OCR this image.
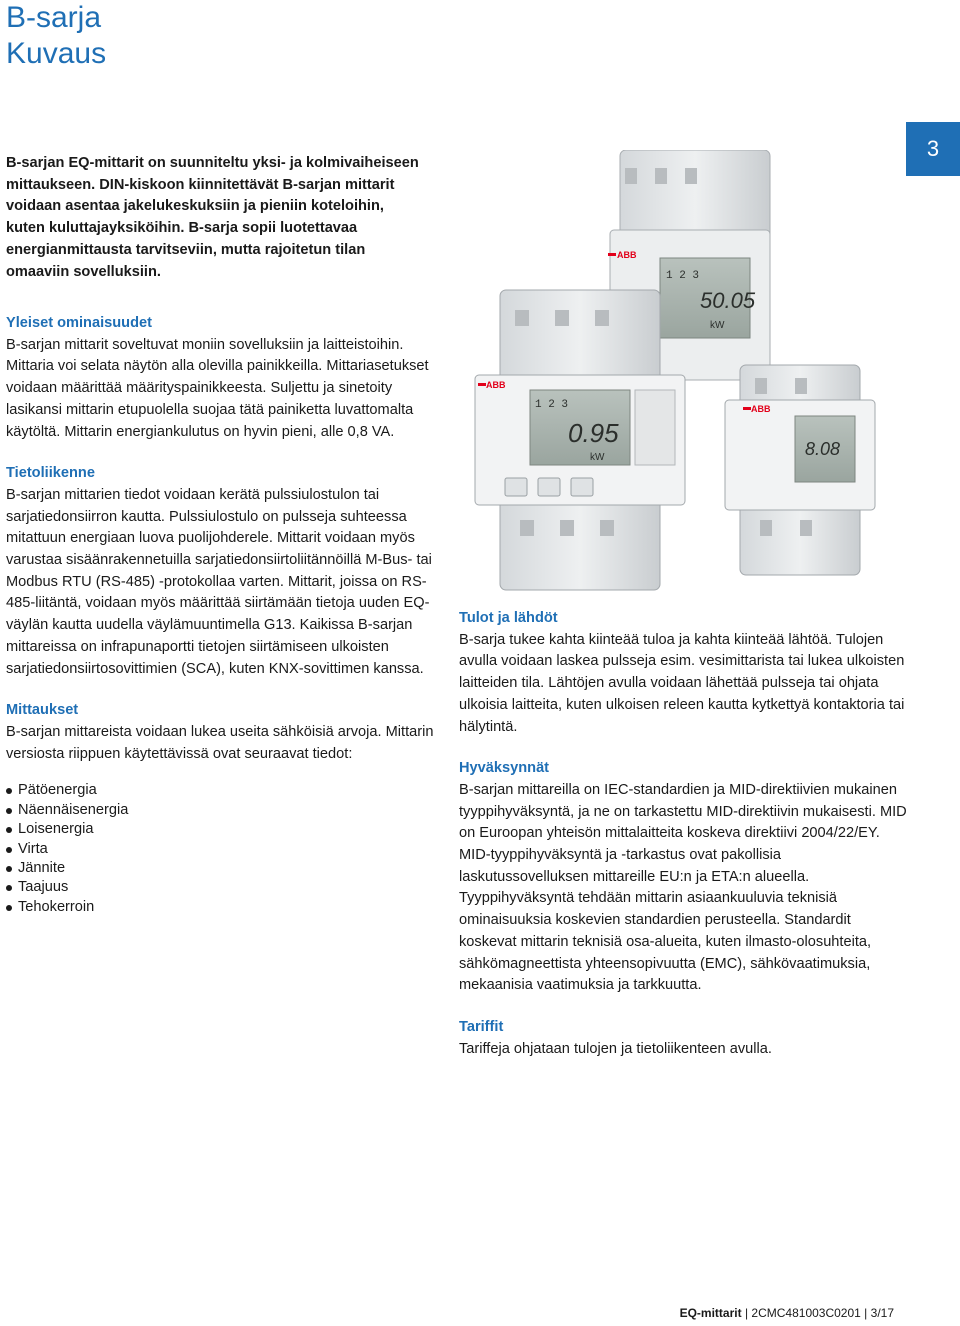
B-sarja
Kuvaus
3

B-sarjan EQ-mittarit on suunniteltu yksi- ja kolmivaiheiseen mittaukseen. DIN-kiskoon kiinnitettävät B-sarjan mittarit voidaan asentaa jakelukeskuksiin ja pieniin koteloihin, kuten kuluttajayksiköihin. B-sarja sopii luotettavaa energianmittausta tarvitseviin, mutta rajoitetun tilan omaaviin sovelluksiin.

Yleiset ominaisuudet

B-sarjan mittarit soveltuvat moniin sovelluksiin ja laitteistoihin. Mittaria voi selata näytön alla olevilla painikkeilla. Mittariasetukset voidaan määrittää määrityspainikkeesta. Suljettu ja sinetoity lasikansi mittarin etupuolella suojaa tätä painiketta luvattomalta käytöltä. Mittarin energiankulutus on hyvin pieni, alle 0,8 VA.

Tietoliikenne

B-sarjan mittarien tiedot voidaan kerätä pulssiulostulon tai sarjatiedonsiirron kautta. Pulssiulostulo on pulsseja suhteessa mitattuun energiaan luova puolijohderele. Mittarit voidaan myös varustaa sisäänrakennetuilla sarjatiedonsiirtoliitännöillä M-Bus- tai Modbus RTU (RS-485) -protokollaa varten. Mittarit, joissa on RS-485-liitäntä, voidaan myös määrittää siirtämään tietoja uuden EQ-väylän kautta uudella väylämuuntimella G13. Kaikissa B-sarjan mittareissa on infrapunaportti tietojen siirtämiseen ulkoisten sarjatiedonsiirtosovittimien (SCA), kuten KNX-sovittimen kanssa.

Mittaukset

B-sarjan mittareista voidaan lukea useita sähköisiä arvoja. Mittarin versiosta riippuen käytettävissä ovat seuraavat tiedot:

Pätöenergia
Näennäisenergia
Loisenergia
Virta
Jännite
Taajuus
Tehokerroin
Tulot ja lähdöt

B-sarja tukee kahta kiinteää tuloa ja kahta kiinteää lähtöä. Tulojen avulla voidaan laskea pulsseja esim. vesimittarista tai lukea ulkoisten laitteiden tila. Lähtöjen avulla voidaan lähettää pulsseja tai ohjata ulkoisia laitteita, kuten ulkoisen releen kautta kytkettyä kontaktoria tai hälytintä.

Hyväksynnät

B-sarjan mittareilla on IEC-standardien ja MID-direktiivien mukainen tyyppihyväksyntä, ja ne on tarkastettu MID-direktiivin mukaisesti. MID on Euroopan yhteisön mittalaitteita koskeva direktiivi 2004/22/EY. MID-tyyppihyväksyntä ja -tarkastus ovat pakollisia laskutussovelluksen mittareille EU:n ja ETA:n alueella. Tyyppihyväksyntä tehdään mittarin asiaankuuluvia teknisiä ominaisuuksia koskevien standardien perusteella. Standardit koskevat mittarin teknisiä osa-alueita, kuten ilmasto-olosuhteita, sähkömagneettista yhteensopivuutta (EMC), sähkövaatimuksia, mekaanisia vaatimuksia ja tarkkuutta.

Tariffit

Tariffeja ohjataan tulojen ja tietoliikenteen avulla.

ABB
1 2 3
50.05
kW
ABB
1 2 3
0.95
kW
ABB
8.08
EQ-mittarit | 2CMC481003C0201 | 3/17
